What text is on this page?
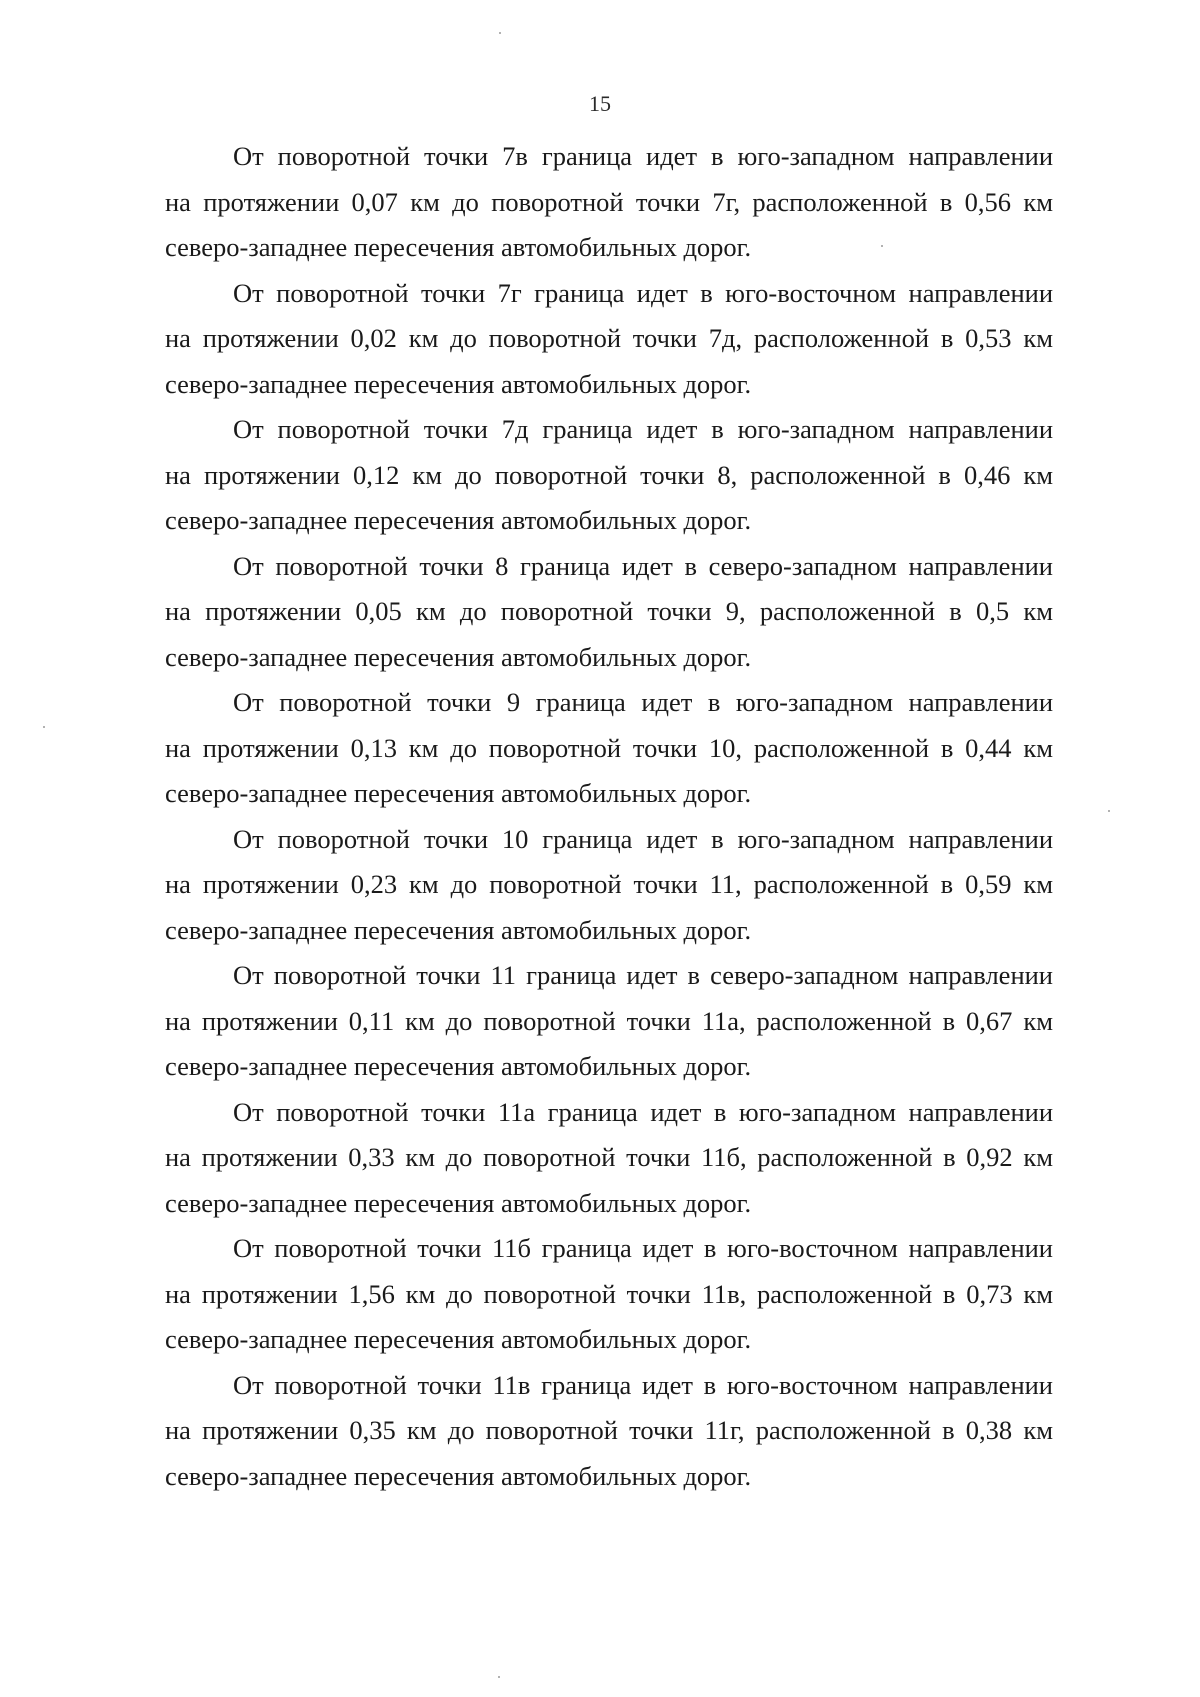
15

От поворотной точки 7в граница идет в юго-западном направлении
на протяжении 0,07 км до поворотной точки 7г, расположенной в 0,56 км
северо-западнее пересечения автомобильных дорог.

От поворотной точки 7г граница идет в юго-восточном направлении
на протяжении 0,02 км до поворотной точки 7д, расположенной в 0,53 км
северо-западнее пересечения автомобильных дорог.

От поворотной точки 7д граница идет в юго-западном направлении
на протяжении 0,12 км до поворотной точки 8, расположенной в 0,46 км
северо-западнее пересечения автомобильных дорог.

От поворотной точки 8 граница идет в северо-западном направлении
на протяжении 0,05 км до поворотной точки 9, расположенной в 0,5 км
северо-западнее пересечения автомобильных дорог.

От поворотной точки 9 граница идет в юго-западном направлении
на протяжении 0,13 км до поворотной точки 10, расположенной в 0,44 км
северо-западнее пересечения автомобильных дорог.

От поворотной точки 10 граница идет в юго-западном направлении
на протяжении 0,23 км до поворотной точки 11, расположенной в 0,59 км
северо-западнее пересечения автомобильных дорог.

От поворотной точки 11 граница идет в северо-западном направлении
на протяжении 0,11 км до поворотной точки 11а, расположенной в 0,67 км
северо-западнее пересечения автомобильных дорог.

От поворотной точки 11а граница идет в юго-западном направлении
на протяжении 0,33 км до поворотной точки 11б, расположенной в 0,92 км
северо-западнее пересечения автомобильных дорог.

От поворотной точки 11б граница идет в юго-восточном направлении
на протяжении 1,56 км до поворотной точки 11в, расположенной в 0,73 км
северо-западнее пересечения автомобильных дорог.

От поворотной точки 11в граница идет в юго-восточном направлении
на протяжении 0,35 км до поворотной точки 11г, расположенной в 0,38 км
северо-западнее пересечения автомобильных дорог.
